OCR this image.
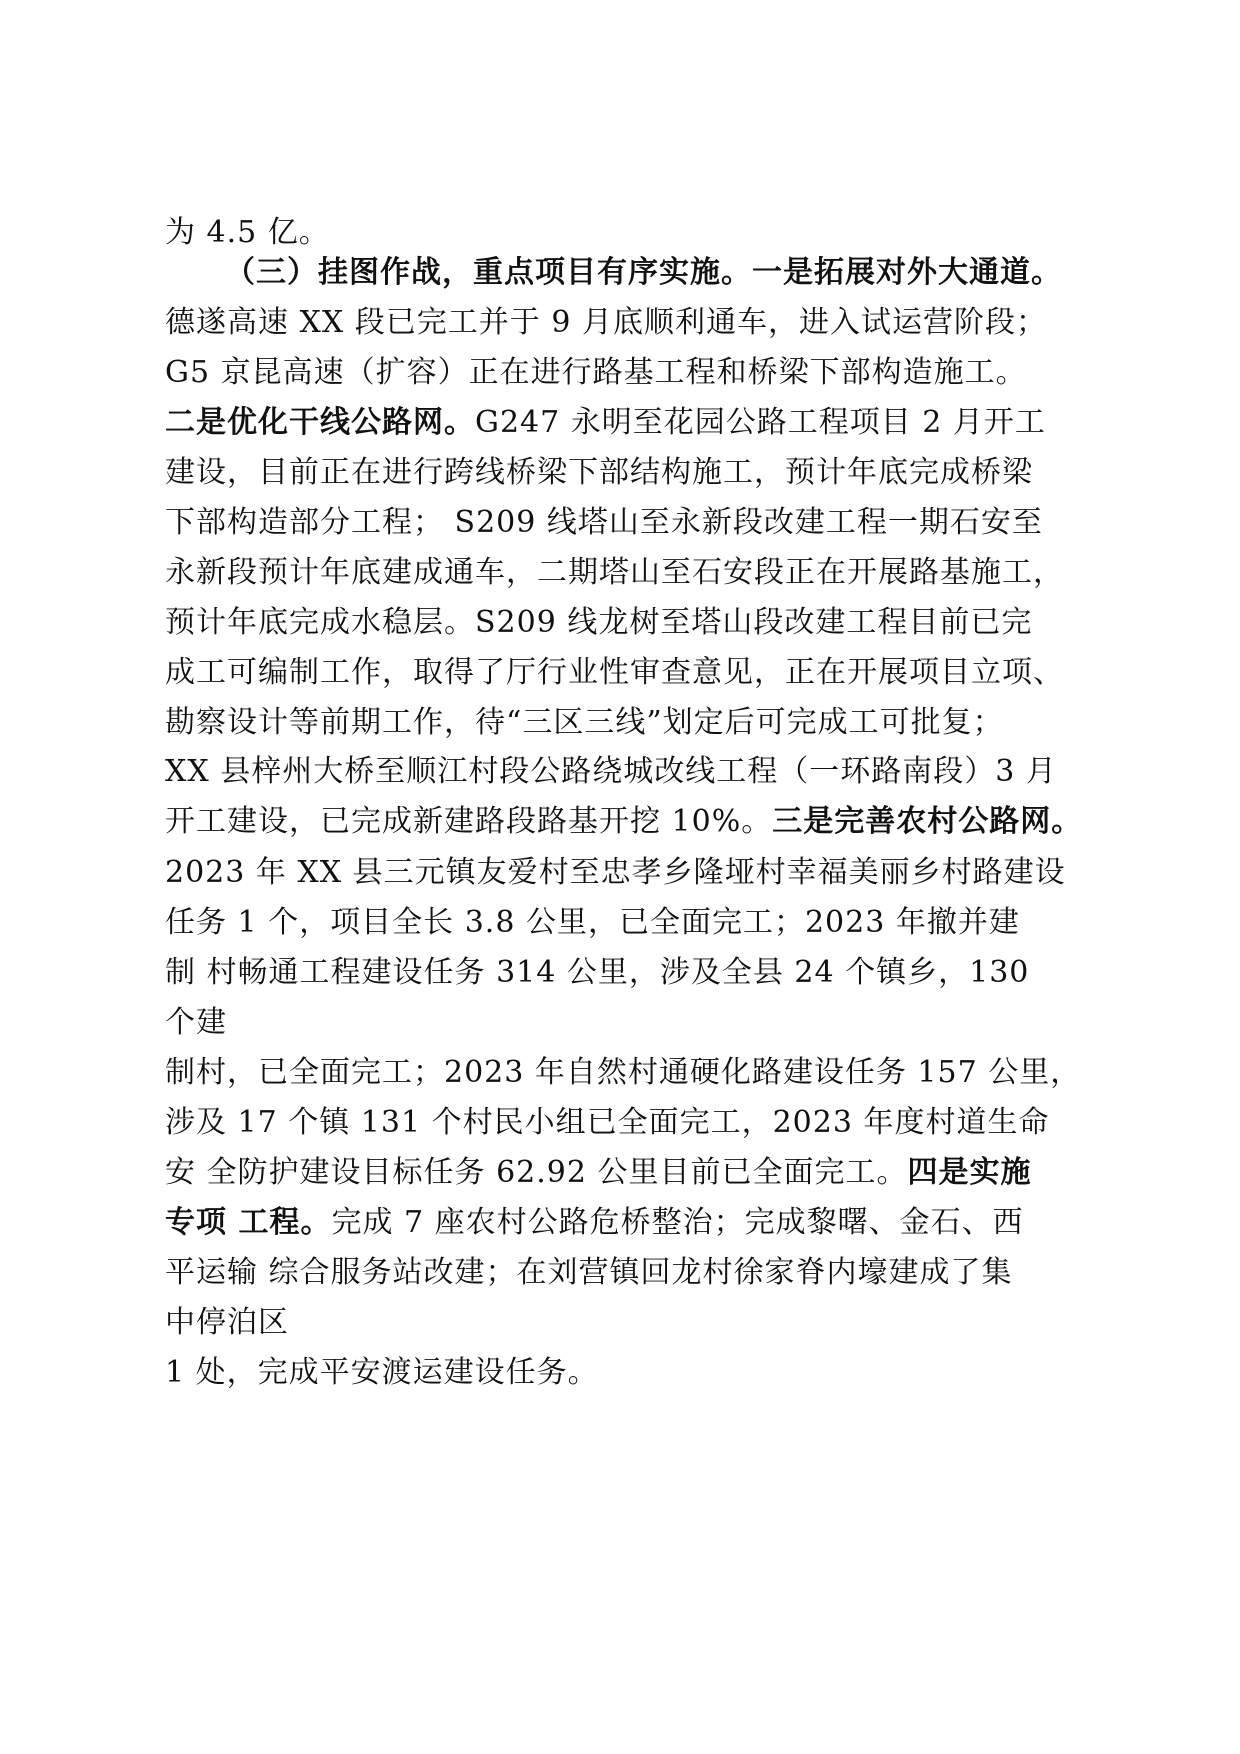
为 4.5 亿。
（三）挂图作战，重点项目有序实施。一是拓展对外大通道。
德遂高速 XX 段已完工并于 9 月底顺利通车，进入试运营阶段；
G5 京昆高速（扩容）正在进行路基工程和桥梁下部构造施工。
二是优化干线公路网。G247 永明至花园公路工程项目 2 月开工
建设，目前正在进行跨线桥梁下部结构施工，预计年底完成桥梁
下部构造部分工程； S209 线塔山至永新段改建工程一期石安至
永新段预计年底建成通车，二期塔山至石安段正在开展路基施工，
预计年底完成水稳层。S209 线龙树至塔山段改建工程目前已完
成工可编制工作，取得了厅行业性审查意见，正在开展项目立项、
勘察设计等前期工作，待“三区三线”划定后可完成工可批复；
XX 县梓州大桥至顺江村段公路绕城改线工程（一环路南段）3 月
开工建设，已完成新建路段路基开挖 10%。三是完善农村公路网。
2023 年 XX 县三元镇友爱村至忠孝乡隆垭村幸福美丽乡村路建设
任务 1 个，项目全长 3.8 公里，已全面完工；2023 年撤并建
制 村畅通工程建设任务 314 公里，涉及全县 24 个镇乡，130
个建
制村，已全面完工；2023 年自然村通硬化路建设任务 157 公里，
涉及 17 个镇 131 个村民小组已全面完工，2023 年度村道生命
安 全防护建设目标任务 62.92 公里目前已全面完工。四是实施
专项 工程。完成 7 座农村公路危桥整治；完成黎曙、金石、西
平运输 综合服务站改建；在刘营镇回龙村徐家脊内壕建成了集
中停泊区
1 处，完成平安渡运建设任务。
